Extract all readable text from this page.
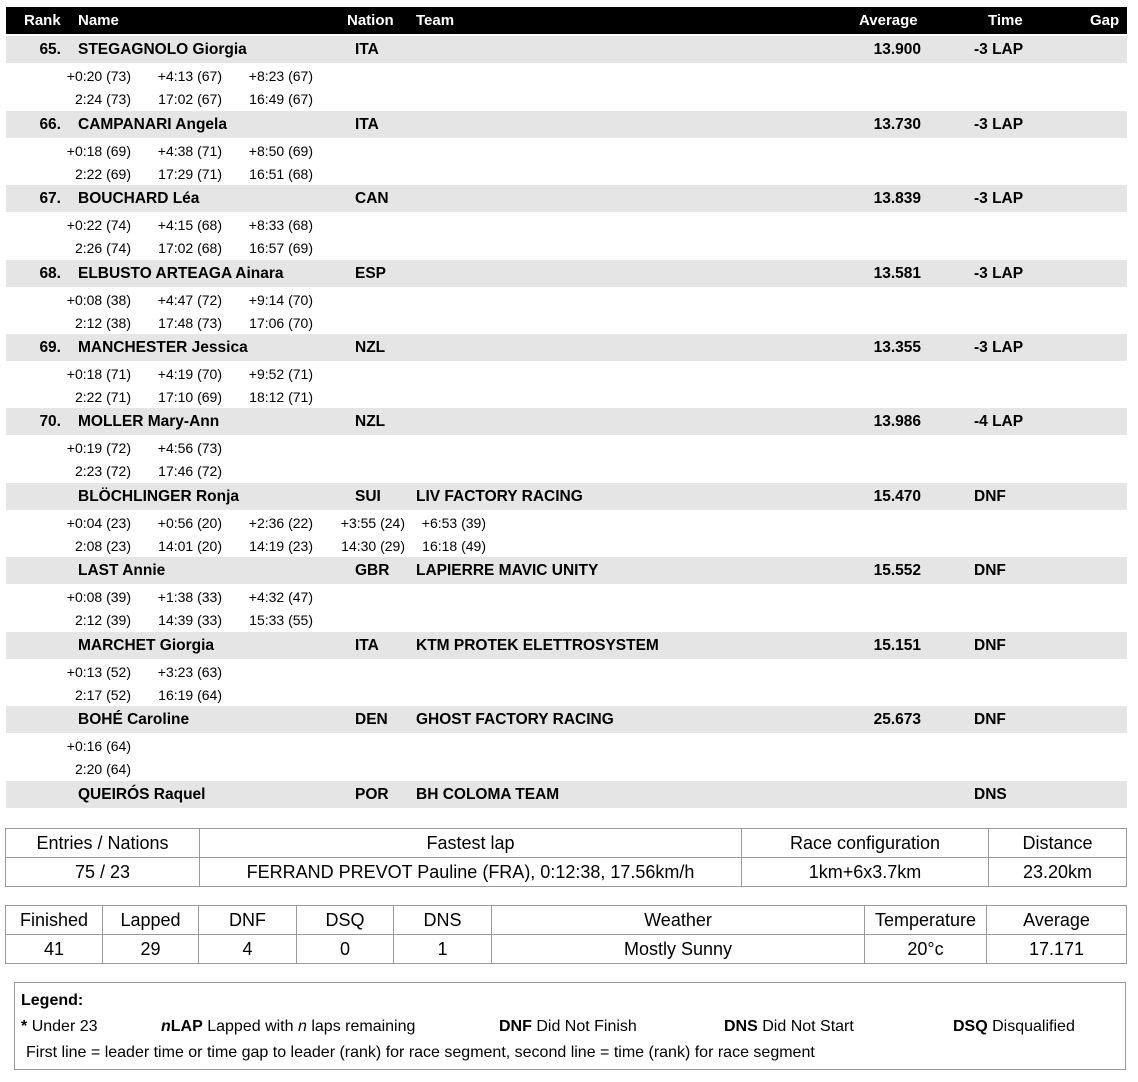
Rank Name	Nation Team	Average	Time	Gap
65. STEGAGNOLO Giorgia	ITA	13.900	-3 LAP
+0:20 (73)	+4:13 (67)	+8:23 (67)
2:24 (73)	17:02 (67)	16:49 (67)
66. CAMPANARI Angela	ITA	13.730	-3 LAP
+0:18 (69)	+4:38 (71)	+8:50 (69)
2:22 (69)	17:29 (71)	16:51 (68)
67. BOUCHARD Léa	CAN	13.839	-3 LAP
+0:22 (74)	+4:15 (68)	+8:33 (68)
2:26 (74)	17:02 (68)	16:57 (69)
68. ELBUSTO ARTEAGA Ainara	ESP	13.581	-3 LAP
+0:08 (38)	+4:47 (72)	+9:14 (70)
2:12 (38)	17:48 (73)	17:06 (70)
69. MANCHESTER Jessica	NZL	13.355	-3 LAP
+0:18 (71)	+4:19 (70)	+9:52 (71)
2:22 (71)	17:10 (69)	18:12 (71)
70. MOLLER Mary-Ann	NZL	13.986	-4 LAP
+0:19 (72)	+4:56 (73)
2:23 (72)	17:46 (72)
BLÖCHLINGER Ronja	SUI LIV FACTORY RACING	15.470	DNF
+0:04 (23)	+0:56 (20)	+2:36 (22)	+3:55 (24) +6:53 (39)
2:08 (23)	14:01 (20)	14:19 (23)	14:30 (29) 16:18 (49)
LAST Annie	GBR LAPIERRE MAVIC UNITY	15.552	DNF
+0:08 (39)	+1:38 (33)	+4:32 (47)
2:12 (39)	14:39 (33)	15:33 (55)
MARCHET Giorgia	ITA KTM PROTEK ELETTROSYSTEM	15.151	DNF
+0:13 (52)	+3:23 (63)
2:17 (52)	16:19 (64)
BOHÉ Caroline	DEN GHOST FACTORY RACING	25.673	DNF
+0:16 (64)
2:20 (64)
QUEIRÓS Raquel	POR BH COLOMA TEAM	DNS
Entries / Nations	Fastest lap	Race configuration	Distance
75 / 23	FERRAND PREVOT Pauline (FRA), 0:12:38, 17.56km/h	1km+6x3.7km	23.20km
Finished	Lapped	DNF	DSQ	DNS	Weather	Temperature	Average
41	29	4	0	1	Mostly Sunny	20°c	17.171
Legend:
* Under 23	nLAP Lapped with n laps remaining	DNF Did Not Finish	DNS Did Not Start	DSQ Disqualified
First line = leader time or time gap to leader (rank) for race segment, second line = time (rank) for race segment
